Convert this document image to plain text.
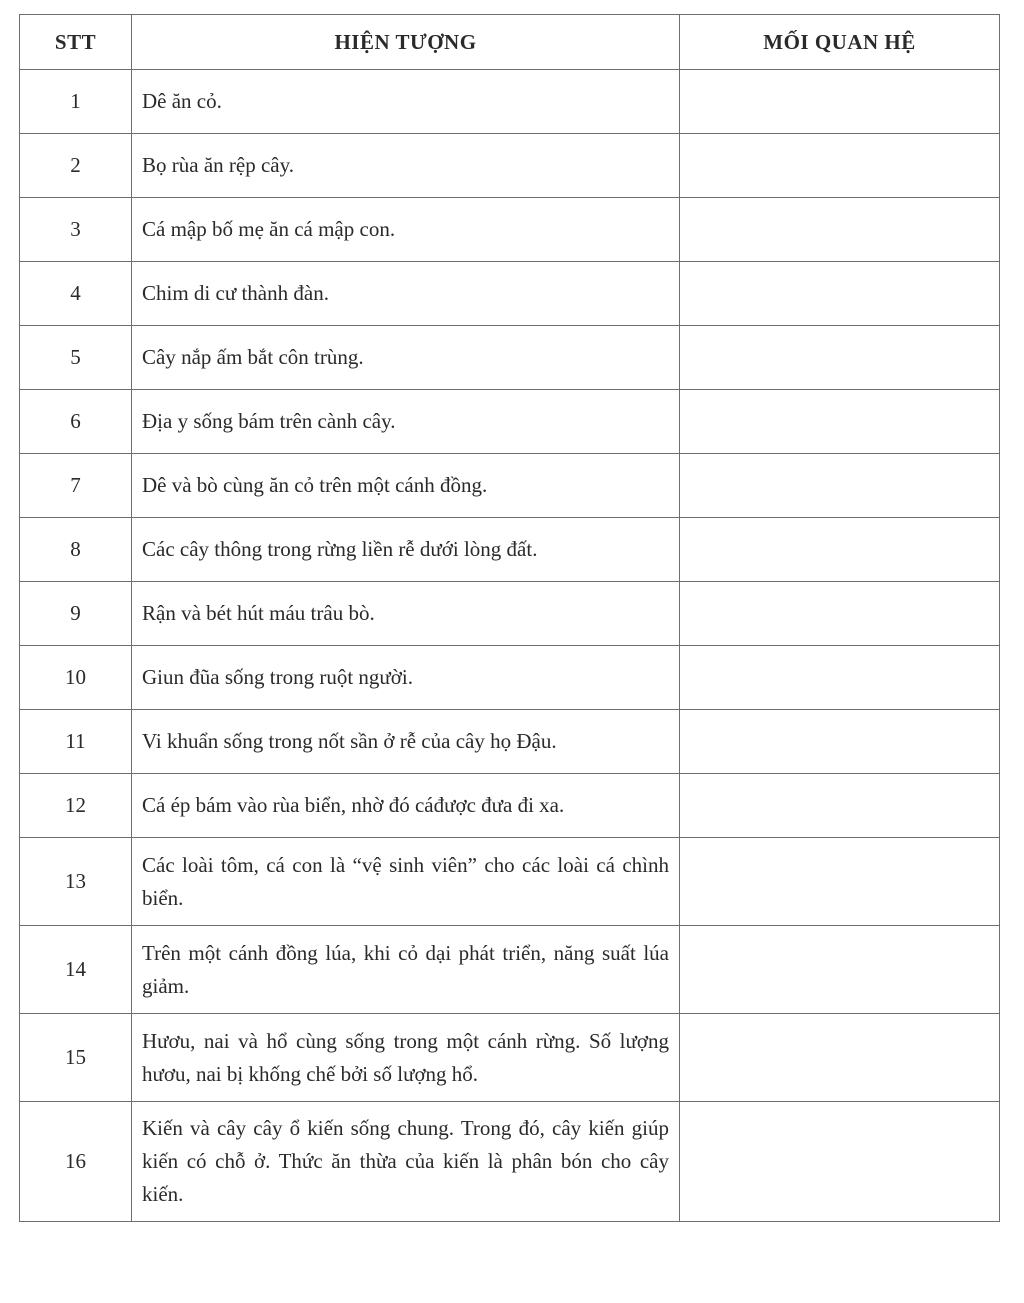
STT	HIỆN TƯỢNG	MỐI QUAN HỆ
1	Dê ăn cỏ.	
2	Bọ rùa ăn rệp cây.	
3	Cá mập bố mẹ ăn cá mập con.	
4	Chim di cư thành đàn.	
5	Cây nắp ấm bắt côn trùng.	
6	Địa y sống bám trên cành cây.	
7	Dê và bò cùng ăn cỏ trên một cánh đồng.	
8	Các cây thông trong rừng liền rễ dưới lòng đất.	
9	Rận và bét hút máu trâu bò.	
10	Giun đũa sống trong ruột người.	
11	Vi khuẩn sống trong nốt sần ở rễ của cây họ Đậu.	
12	Cá ép bám vào rùa biển, nhờ đó cáđược đưa đi xa.	
13	Các loài tôm, cá con là “vệ sinh viên” cho các loài cá chình biển.	
14	Trên một cánh đồng lúa, khi cỏ dại phát triển, năng suất lúa giảm.	
15	Hươu, nai và hổ cùng sống trong một cánh rừng. Số lượng hươu, nai bị khống chế bởi số lượng hổ.	
16	Kiến và cây cây ổ kiến sống chung. Trong đó, cây kiến giúp kiến có chỗ ở. Thức ăn thừa của kiến là phân bón cho cây kiến.	
